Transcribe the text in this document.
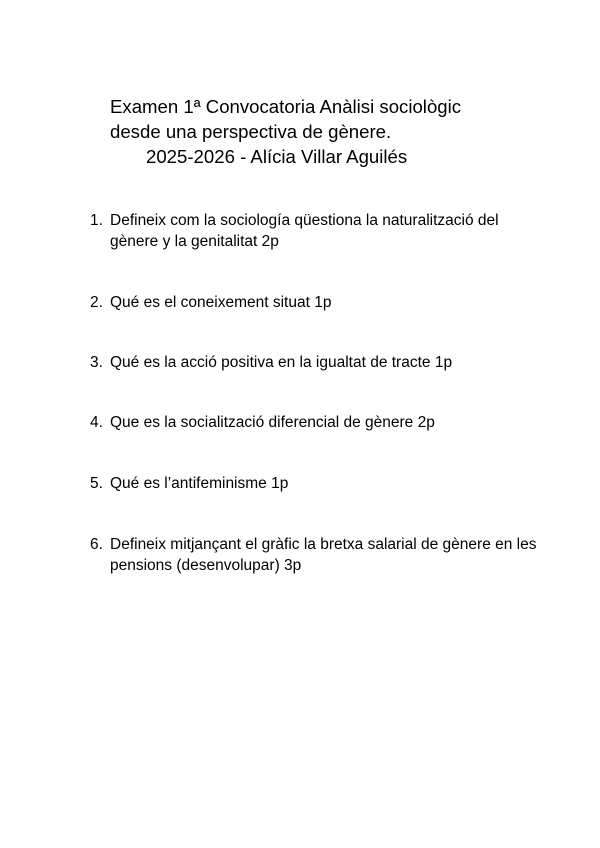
Examen 1ª Convocatoria Anàlisi sociològic
desde una perspectiva de gènere.
2025-2026 - Alícia Villar Aguilés
1. Defineix com la sociología qüestiona la naturalització del gènere y la genitalitat 2p
2. Qué es el coneixement situat 1p
3. Qué es la acció positiva en la igualtat de tracte 1p
4. Que es la socialització diferencial de gènere 2p
5. Qué es l’antifeminisme 1p
6. Defineix mitjançant el gràfic la bretxa salarial de gènere en les pensions (desenvolupar) 3p
